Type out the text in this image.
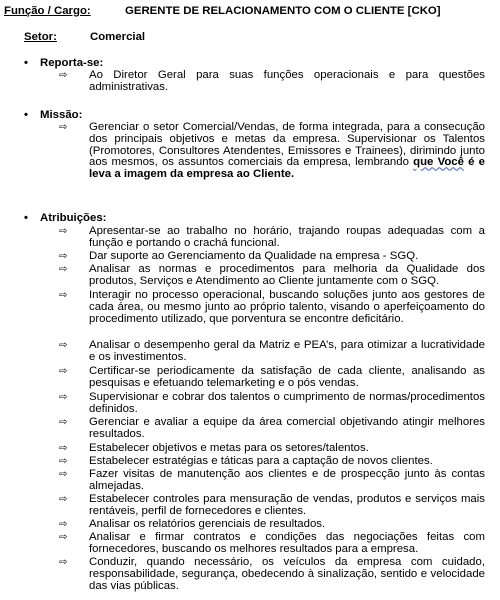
Função / Cargo:	GERENTE DE RELACIONAMENTO COM O CLIENTE [CKO]
Setor:	Comercial
• Reporta-se:
⇨ Ao Diretor Geral para suas funções operacionais e para questões administrativas.
• Missão:
⇨ Gerenciar o setor Comercial/Vendas, de forma integrada, para a consecução dos principais objetivos e metas da empresa. Supervisionar os Talentos (Promotores, Consultores Atendentes, Emissores e Trainees), dirimindo junto aos mesmos, os assuntos comerciais da empresa, lembrando que Você é e leva a imagem da empresa ao Cliente.
• Atribuições:
⇨ Apresentar-se ao trabalho no horário, trajando roupas adequadas com a função e portando o crachá funcional.
⇨ Dar suporte ao Gerenciamento da Qualidade na empresa - SGQ.
⇨ Analisar as normas e procedimentos para melhoria da Qualidade dos produtos, Serviços e Atendimento ao Cliente juntamente com o SGQ.
⇨ Interagir no processo operacional, buscando soluções junto aos gestores de cada área, ou mesmo junto ao próprio talento, visando o aperfeiçoamento do procedimento utilizado, que porventura se encontre deficitário.
⇨ Analisar o desempenho geral da Matriz e PEA’s, para otimizar a lucratividade e os investimentos.
⇨ Certificar-se periodicamente da satisfação de cada cliente, analisando as pesquisas e efetuando telemarketing e o pós vendas.
⇨ Supervisionar e cobrar dos talentos o cumprimento de normas/procedimentos definidos.
⇨ Gerenciar e avaliar a equipe da área comercial objetivando atingir melhores resultados.
⇨ Estabelecer objetivos e metas para os setores/talentos.
⇨ Estabelecer estratégias e táticas para a captação de novos clientes.
⇨ Fazer visitas de manutenção aos clientes e de prospecção junto às contas almejadas.
⇨ Estabelecer controles para mensuração de vendas, produtos e serviços mais rentáveis, perfil de fornecedores e clientes.
⇨ Analisar os relatórios gerenciais de resultados.
⇨ Analisar e firmar contratos e condições das negociações feitas com fornecedores, buscando os melhores resultados para a empresa.
⇨ Conduzir, quando necessário, os veículos da empresa com cuidado, responsabilidade, segurança, obedecendo à sinalização, sentido e velocidade das vias públicas.
